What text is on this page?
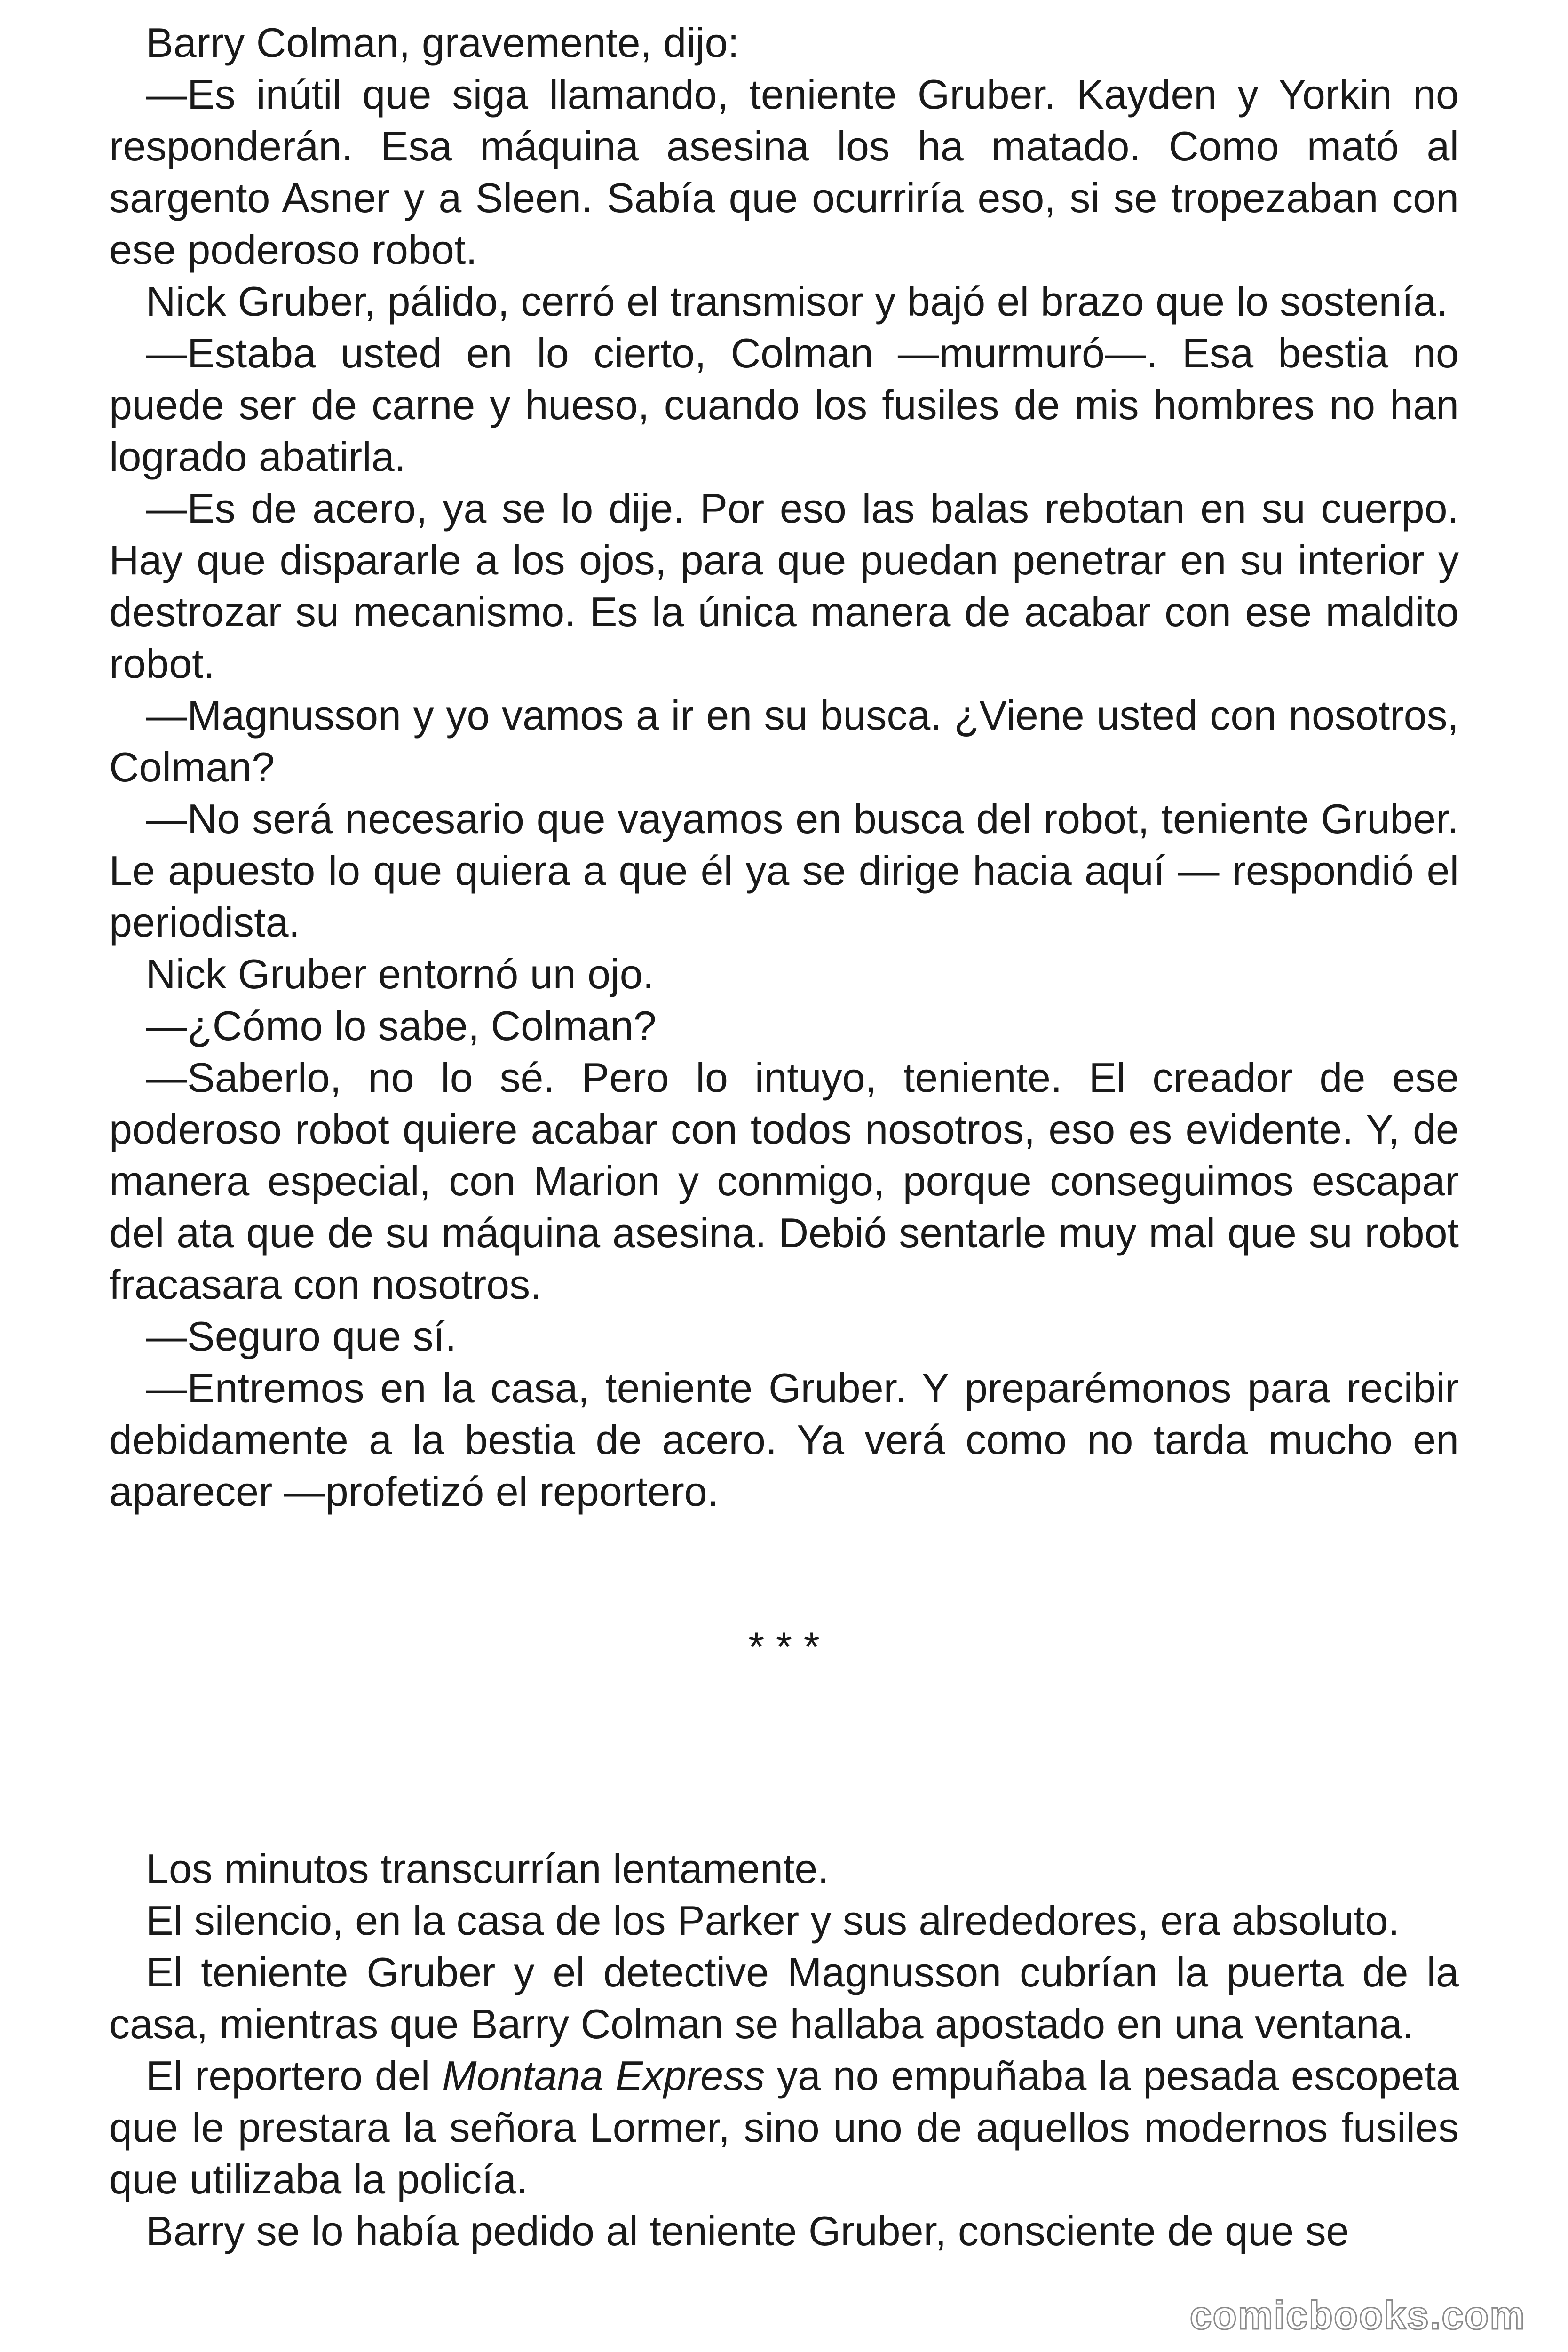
Barry Colman, gravemente, dijo:

—Es inútil que siga llamando, teniente Gruber. Kayden y Yorkin no responderán. Esa máquina asesina los ha matado. Como mató al sargento Asner y a Sleen. Sabía que ocurriría eso, si se tropezaban con ese poderoso robot.

Nick Gruber, pálido, cerró el transmisor y bajó el brazo que lo sostenía.

—Estaba usted en lo cierto, Colman —murmuró—. Esa bestia no puede ser de carne y hueso, cuando los fusiles de mis hombres no han logrado abatirla.

—Es de acero, ya se lo dije. Por eso las balas rebotan en su cuerpo. Hay que dispararle a los ojos, para que puedan penetrar en su interior y destrozar su mecanismo. Es la única manera de acabar con ese maldito robot.

—Magnusson y yo vamos a ir en su busca. ¿Viene usted con nosotros, Colman?

—No será necesario que vayamos en busca del robot, teniente Gruber. Le apuesto lo que quiera a que él ya se dirige hacia aquí — respondió el periodista.

Nick Gruber entornó un ojo.

—¿Cómo lo sabe, Colman?

—Saberlo, no lo sé. Pero lo intuyo, teniente. El creador de ese poderoso robot quiere acabar con todos nosotros, eso es evidente. Y, de manera especial, con Marion y conmigo, porque conseguimos escapar del ata que de su máquina asesina. Debió sentarle muy mal que su robot fracasara con nosotros.

—Seguro que sí.

—Entremos en la casa, teniente Gruber. Y preparémonos para recibir debidamente a la bestia de acero. Ya verá como no tarda mucho en aparecer —profetizó el reportero.

* * *

Los minutos transcurrían lentamente.

El silencio, en la casa de los Parker y sus alrededores, era absoluto.

El teniente Gruber y el detective Magnusson cubrían la puerta de la casa, mientras que Barry Colman se hallaba apostado en una ventana.

El reportero del Montana Express ya no empuñaba la pesada escopeta que le prestara la señora Lormer, sino uno de aquellos modernos fusiles que utilizaba la policía.

Barry se lo había pedido al teniente Gruber, consciente de que se

comicbooks.com
